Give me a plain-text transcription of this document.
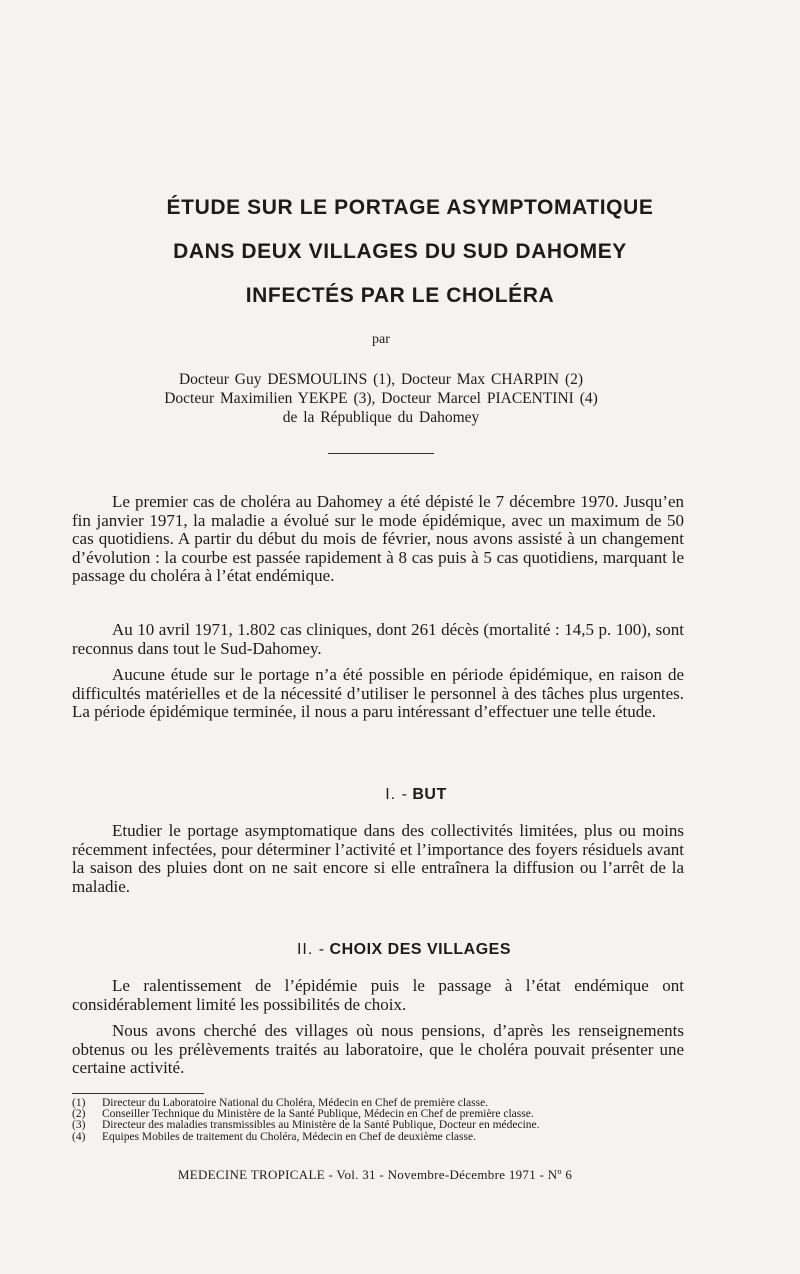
ÉTUDE SUR LE PORTAGE ASYMPTOMATIQUE
DANS DEUX VILLAGES DU SUD DAHOMEY
INFECTÉS PAR LE CHOLÉRA
par
Docteur Guy DESMOULINS (1), Docteur Max CHARPIN (2)
Docteur Maximilien YEKPE (3), Docteur Marcel PIACENTINI (4)
de la République du Dahomey

Le premier cas de choléra au Dahomey a été dépisté le 7 décembre 1970. Jusqu’en fin janvier 1971, la maladie a évolué sur le mode épidémique, avec un maximum de 50 cas quotidiens. A partir du début du mois de février, nous avons assisté à un changement d’évolution : la courbe est passée rapidement à 8 cas puis à 5 cas quotidiens, marquant le passage du choléra à l’état endémique.

Au 10 avril 1971, 1.802 cas cliniques, dont 261 décès (mortalité : 14,5 p. 100), sont reconnus dans tout le Sud-Dahomey.

Aucune étude sur le portage n’a été possible en période épidémique, en raison de difficultés matérielles et de la nécessité d’utiliser le personnel à des tâches plus urgentes. La période épidémique terminée, il nous a paru intéressant d’effectuer une telle étude.

I. - BUT

Etudier le portage asymptomatique dans des collectivités limitées, plus ou moins récemment infectées, pour déterminer l’activité et l’importance des foyers résiduels avant la saison des pluies dont on ne sait encore si elle entraînera la diffusion ou l’arrêt de la maladie.

II. - CHOIX DES VILLAGES

Le ralentissement de l’épidémie puis le passage à l’état endémique ont considérablement limité les possibilités de choix.

Nous avons cherché des villages où nous pensions, d’après les renseignements obtenus ou les prélèvements traités au laboratoire, que le choléra pouvait présenter une certaine activité.

(1) Directeur du Laboratoire National du Choléra, Médecin en Chef de première classe.
(2) Conseiller Technique du Ministère de la Santé Publique, Médecin en Chef de première classe.
(3) Directeur des maladies transmissibles au Ministère de la Santé Publique, Docteur en médecine.
(4) Equipes Mobiles de traitement du Choléra, Médecin en Chef de deuxième classe.
MEDECINE TROPICALE - Vol. 31 - Novembre-Décembre 1971 - Nº 6
